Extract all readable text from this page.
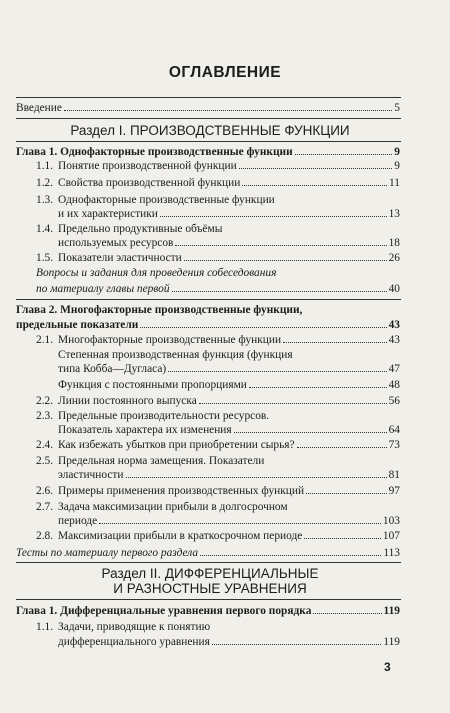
ОГЛАВЛЕНИЕ
Введение	5
Раздел I. ПРОИЗВОДСТВЕННЫЕ ФУНКЦИИ
Глава 1. Однофакторные производственные функции	9
1.1. Понятие производственной функции	9
1.2. Свойства производственной функции	11
1.3. Однофакторные производственные функции
и их характеристики	13
1.4. Предельно продуктивные объёмы
используемых ресурсов	18
1.5. Показатели эластичности	26
Вопросы и задания для проведения собеседования
по материалу главы первой	40
Глава 2. Многофакторные производственные функции,
предельные показатели	43
2.1. Многофакторные производственные функции	43
Степенная производственная функция (функция
типа Кобба—Дугласа)	47
Функция с постоянными пропорциями	48
2.2. Линии постоянного выпуска	56
2.3. Предельные производительности ресурсов.
Показатель характера их изменения	64
2.4. Как избежать убытков при приобретении сырья?	73
2.5. Предельная норма замещения. Показатели
эластичности	81
2.6. Примеры применения производственных функций	97
2.7. Задача максимизации прибыли в долгосрочном
периоде	103
2.8. Максимизации прибыли в краткосрочном периоде	107
Тесты по материалу первого раздела	113
Раздел II. ДИФФЕРЕНЦИАЛЬНЫЕ
И РАЗНОСТНЫЕ УРАВНЕНИЯ
Глава 1. Дифференциальные уравнения первого порядка	119
1.1. Задачи, приводящие к понятию
дифференциального уравнения	119
3
